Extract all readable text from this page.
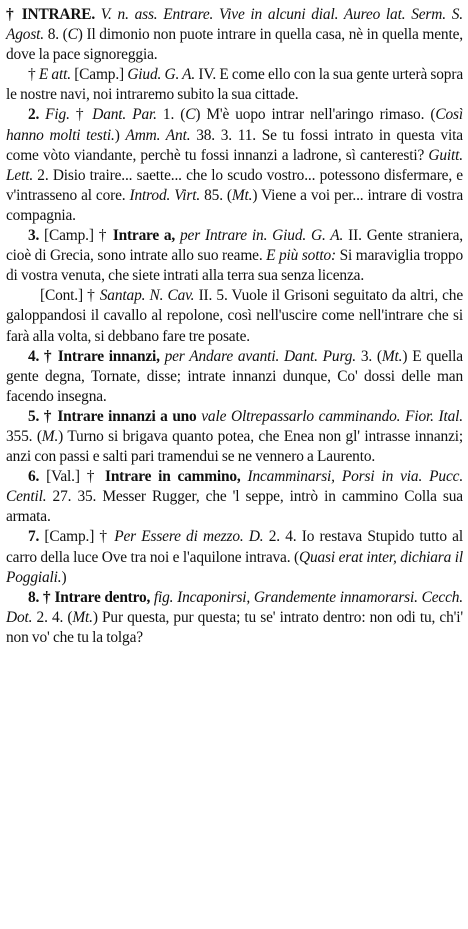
† INTRARE. V. n. ass. Entrare. Vive in alcuni dial. Aureo lat. Serm. S. Agost. 8. (C) Il dimonio non puote intrare in quella casa, nè in quella mente, dove la pace signoreggia.

† E att. [Camp.] Giud. G. A. IV. E come ello con la sua gente urterà sopra le nostre navi, noi intraremo subito la sua cittade.

2. Fig. † Dant. Par. 1. (C) M'è uopo intrar nell'aringo rimaso. (Così hanno molti testi.) Amm. Ant. 38. 3. 11. Se tu fossi intrato in questa vita come vòto viandante, perchè tu fossi innanzi a ladrone, sì canteresti? Guitt. Lett. 2. Disio traire... saette... che lo scudo vostro... potessono disfermare, e v'intrasseno al core. Introd. Virt. 85. (Mt.) Viene a voi per... intrare di vostra compagnia.

3. [Camp.] † Intrare a, per Intrare in. Giud. G. A. II. Gente straniera, cioè di Grecia, sono intrate allo suo reame. E più sotto: Si maraviglia troppo di vostra venuta, che siete intrati alla terra sua senza licenza.

[Cont.] † Santap. N. Cav. II. 5. Vuole il Grisoni seguitato da altri, che galoppandosi il cavallo al repolone, così nell'uscire come nell'intrare che si farà alla volta, si debbano fare tre posate.

4. † Intrare innanzi, per Andare avanti. Dant. Purg. 3. (Mt.) E quella gente degna, Tornate, disse; intrate innanzi dunque, Co' dossi delle man facendo insegna.

5. † Intrare innanzi a uno vale Oltrepassarlo camminando. Fior. Ital. 355. (M.) Turno si brigava quanto potea, che Enea non gl' intrasse innanzi; anzi con passi e salti pari tramendui se ne vennero a Laurento.

6. [Val.] † Intrare in cammino, Incamminarsi, Porsi in via. Pucc. Centil. 27. 35. Messer Rugger, che 'l seppe, intrò in cammino Colla sua armata.

7. [Camp.] † Per Essere di mezzo. D. 2. 4. Io restava Stupido tutto al carro della luce Ove tra noi e l'aquilone intrava. (Quasi erat inter, dichiara il Poggiali.)

8. † Intrare dentro, fig. Incaponirsi, Grandemente innamorarsi. Cecch. Dot. 2. 4. (Mt.) Pur questa, pur questa; tu se' intrato dentro: non odi tu, ch'i' non vo' che tu la tolga?
